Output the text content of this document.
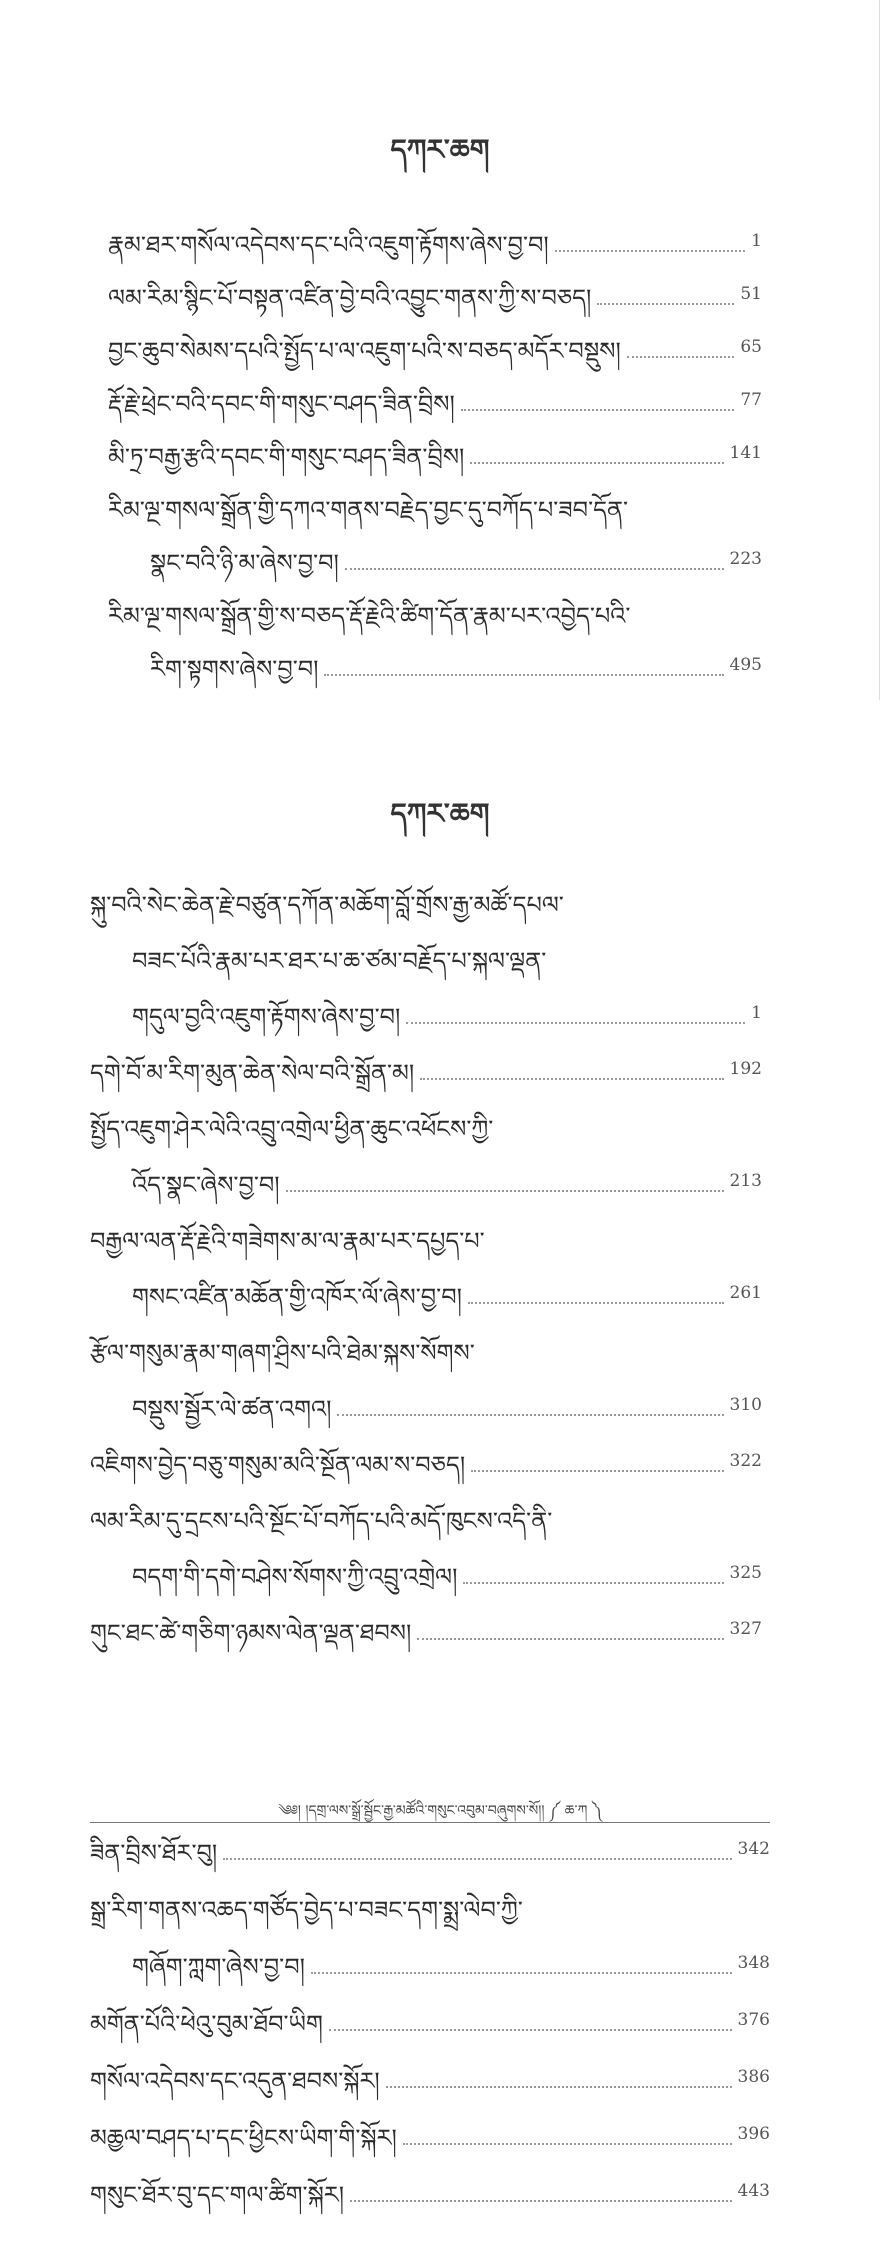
དཀར་ཆག
རྣམ་ཐར་གསོལ་འདེབས་དང་པའི་འཇུག་རྟོགས་ཞེས་བྱ་བ།	1
ལམ་རིམ་སྙིང་པོ་བསྟན་འཛིན་བྱེ་བའི་འབྱུང་གནས་ཀྱི་ས་བཅད།	51
བྱང་ཆུབ་སེམས་དཔའི་སྤྱོད་པ་ལ་འཇུག་པའི་ས་བཅད་མདོར་བསྡུས།	65
རྡོ་རྗེ་ཕྲེང་བའི་དབང་གི་གསུང་བཤད་ཟིན་བྲིས།	77
མི་ཏྲ་བརྒྱ་རྩའི་དབང་གི་གསུང་བཤད་ཟིན་བྲིས།	141
རིམ་ལྔ་གསལ་སྒྲོན་གྱི་དཀའ་གནས་བརྗེད་བྱང་དུ་བཀོད་པ་ཟབ་དོན་
སྣང་བའི་ཉི་མ་ཞེས་བྱ་བ།	223
རིམ་ལྔ་གསལ་སྒྲོན་གྱི་ས་བཅད་རྡོ་རྗེའི་ཚིག་དོན་རྣམ་པར་འབྱེད་པའི་
རིག་སྟགས་ཞེས་བྱ་བ།	495
དཀར་ཆག
སྐུ་བའི་སེང་ཆེན་རྗེ་བཙུན་དཀོན་མཆོག་བློ་གྲོས་རྒྱ་མཚོ་དཔལ་
བཟང་པོའི་རྣམ་པར་ཐར་པ་ཆ་ཙམ་བརྗོད་པ་སྐལ་ལྡན་
གདུལ་བྱའི་འཇུག་རྟོགས་ཞེས་བྱ་བ།	1
དགེ་བོ་མ་རིག་མུན་ཆེན་སེལ་བའི་སྒྲོན་མ།	192
སྤྱོད་འཇུག་ཤེར་ལེའི་འབྲུ་འགྲེལ་ཕྱིན་ཆུང་འཕོངས་ཀྱི་
འོད་སྣང་ཞེས་བྱ་བ།	213
བརྒྱལ་ལན་རྡོ་རྗེའི་གཟེགས་མ་ལ་རྣམ་པར་དཔྱད་པ་
གསང་འཛིན་མཆོན་གྱི་འཁོར་ལོ་ཞེས་བྱ་བ།	261
རྩོལ་གསུམ་རྣམ་གཞག་ཤྲིས་པའི་ཐེམ་སྐས་སོགས་
བསྡུས་སྦྱོར་ལེ་ཚན་འགའ།	310
འཇིགས་བྱེད་བཅུ་གསུམ་མའི་སྔོན་ལམ་ས་བཅད།	322
ལམ་རིམ་དུ་དྲངས་པའི་སྔོང་པོ་བཀོད་པའི་མདོ་ཁུངས་འདི་ནི་
བདག་གི་དགེ་བཤེས་སོགས་ཀྱི་འབྲུ་འགྲེལ།	325
གུང་ཐང་ཚེ་གཅིག་ཉམས་ལེན་ལྡན་ཐབས།	327
༄༅། །དགྲ་ལས་སྒྲོ་སྦྱོང་རྒྱ་མཚོའི་གསུང་འབུམ་བཞུགས་སོ།། ༼ ཆ་ཀ ༽
ཟིན་བྲིས་ཐོར་བུ།	342
སྒྲ་རིག་གནས་འཆད་གཙོད་བྱེད་པ་བཟང་དག་སྨྲ་ལེབ་ཀྱི་
གཞོག་ཀླག་ཞེས་བྱ་བ།	348
མགོན་པོའི་ཕེའུ་བུམ་ཐོབ་ཡིག	376
གསོལ་འདེབས་དང་འདུན་ཐབས་སྐོར།	386
མཆྱལ་བཤད་པ་དང་ཕྱིངས་ཡིག་གི་སྐོར།	396
གསུང་ཐོར་བུ་དང་གལ་ཚིག་སྐོར།	443
